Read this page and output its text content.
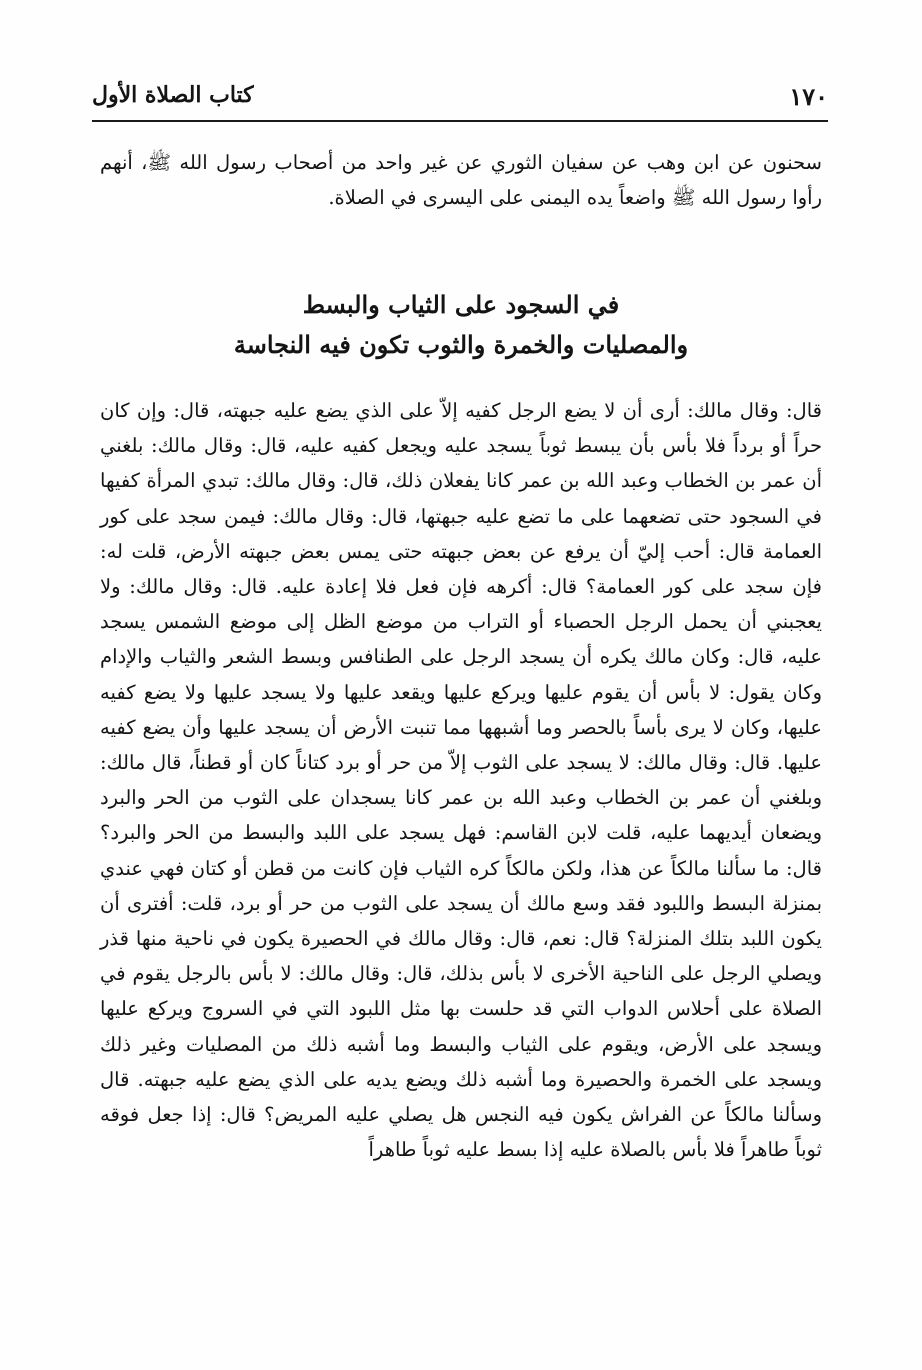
١٧٠
كتاب الصلاة الأول

سحنون عن ابن وهب عن سفيان الثوري عن غير واحد من أصحاب رسول الله ﷺ، أنهم رأوا رسول الله ﷺ واضعاً يده اليمنى على اليسرى في الصلاة.

في السجود على الثياب والبسط
والمصليات والخمرة والثوب تكون فيه النجاسة

قال: وقال مالك: أرى أن لا يضع الرجل كفيه إلاّ على الذي يضع عليه جبهته، قال: وإن كان حراً أو برداً فلا بأس بأن يبسط ثوباً يسجد عليه ويجعل كفيه عليه، قال: وقال مالك: بلغني أن عمر بن الخطاب وعبد الله بن عمر كانا يفعلان ذلك، قال: وقال مالك: تبدي المرأة كفيها في السجود حتى تضعهما على ما تضع عليه جبهتها، قال: وقال مالك: فيمن سجد على كور العمامة قال: أحب إليّ أن يرفع عن بعض جبهته حتى يمس بعض جبهته الأرض، قلت له: فإن سجد على كور العمامة؟ قال: أكرهه فإن فعل فلا إعادة عليه. قال: وقال مالك: ولا يعجبني أن يحمل الرجل الحصباء أو التراب من موضع الظل إلى موضع الشمس يسجد عليه، قال: وكان مالك يكره أن يسجد الرجل على الطنافس وبسط الشعر والثياب والإدام وكان يقول: لا بأس أن يقوم عليها ويركع عليها ويقعد عليها ولا يسجد عليها ولا يضع كفيه عليها، وكان لا يرى بأساً بالحصر وما أشبهها مما تنبت الأرض أن يسجد عليها وأن يضع كفيه عليها. قال: وقال مالك: لا يسجد على الثوب إلاّ من حر أو برد كتاناً كان أو قطناً، قال مالك: وبلغني أن عمر بن الخطاب وعبد الله بن عمر كانا يسجدان على الثوب من الحر والبرد ويضعان أيديهما عليه، قلت لابن القاسم: فهل يسجد على اللبد والبسط من الحر والبرد؟ قال: ما سألنا مالكاً عن هذا، ولكن مالكاً كره الثياب فإن كانت من قطن أو كتان فهي عندي بمنزلة البسط واللبود فقد وسع مالك أن يسجد على الثوب من حر أو برد، قلت: أفترى أن يكون اللبد بتلك المنزلة؟ قال: نعم، قال: وقال مالك في الحصيرة يكون في ناحية منها قذر ويصلي الرجل على الناحية الأخرى لا بأس بذلك، قال: وقال مالك: لا بأس بالرجل يقوم في الصلاة على أحلاس الدواب التي قد حلست بها مثل اللبود التي في السروج ويركع عليها ويسجد على الأرض، ويقوم على الثياب والبسط وما أشبه ذلك من المصليات وغير ذلك ويسجد على الخمرة والحصيرة وما أشبه ذلك ويضع يديه على الذي يضع عليه جبهته. قال وسألنا مالكاً عن الفراش يكون فيه النجس هل يصلي عليه المريض؟ قال: إذا جعل فوقه ثوباً طاهراً فلا بأس بالصلاة عليه إذا بسط عليه ثوباً طاهراً
